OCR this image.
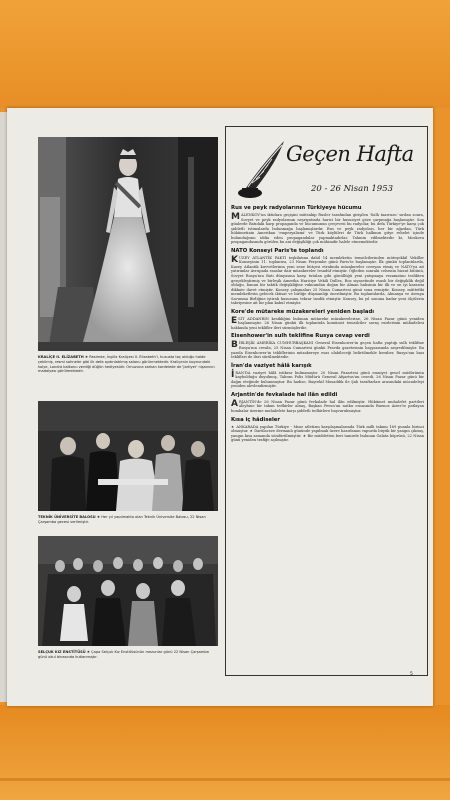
KRALİÇE II. ELİZABETH ★ Resimde, İngiliz Kraliçesi II. Elizabeth'i, hususta taç olduğu halde çekilmiş, resmi sahneler gibi ilk defa aydınlatılmış salonu görünmektedir. Kraliçenin boynundaki kolye, Londra balkonu verdiği düğün hediyesidir. Omuzuna sarkan kordelede de 'Jartiyer' nişanının madalyası görülmektedir.
TEKNİK ÜNİVERSİTE BALOSU ★ Her yıl yapılmakta olan Teknik Üniversite Balosu, 22 Nisan Çarşamba gecesi verilmiştir.
SELÇUK KIZ ENSTİTÜSÜ ★ Çapa Selçuk Kız Enstitüsünün mezunlar günü 22 Nisan Çarşamba günü okul binasında kutlanmıştır.
Geçen Hafta
20 - 26 Nisan 1953
Rus ve peyk radyolarının Türkiyeye hücumu
MALENKOV'un iktidara geçişini müteakip Rusler tarafından girişilen 'Sulh taarruzu' sırdan sonra, Sovyet ve peyk radyolarının neşriyatında harici bir hususiyet göze çarpmağa başlamıştır. Son günlerde Batıdaki harp propaganda ve hücumunun çerçevesi bu radyolar, bu defa Türkiye'ye karşı çok şiddetli istimalarda bulunmağa başlamışlardır. Rus ve peyk radyoları, her bir ağızdan, Türk hükümetinin Amerikan 'emperyalizmi' ve Türk köylüleri de Türk halkının gitye rebelet içinde bulunduğunu iddia eden propagandalar yapmaktadırlar. Tahmin edilmektedir ki, Moskova propagandasında görülen bu ani değişikliği çok mühimdir halele etmemektedir.
NATO Konseyi Paris'te toplandı
KUZEY ATLANTİK PAKTI teşkilatına dahil 14 memleketin temsilcilerinden müteşekkil Vekiller Konseyinin 11. toplantısı, 23 Nisan Perşembe günü Paris'te başlamıştır. İlk günkü toplantılarda, Kuzey Atlantik kuvvetlerinin yeni sene bütçesi etrafında müzakereler cereyan etmiş ve NATO'ya ait yatırımlar Avrupada esaslar dair müzakereler tesadüf etmiştir. Öğleden sonraki celsenin bizzat bütünü, Sovyet Rusya'nın Batı dünyasına karşı tutulan gibi gönüllüğü yeni yatışmaya vezamatını teslikten gerçekleştirmiş ve birleşik Amerika Hariciye Vekili Dulles, Rus siyasetinde esaslı bir değişiklik değil olduğu, bunun bir taktik değişikliğine vukuundan doğan bir Alman bahsinin bir ilk ve en iyi kararını dikkate davet etmiştir. Konsey çalışmaları 25 Nisan Cumartesi günü sona ermiştir. Konsey, müttefiki memleketlerin gelecek iktisat ve birliğe düşmanlığı önerilmiştir. Bu toplantılarda, Almanya ve Avrupa Savunma Birliğine iştirak hususunu tekrar tasdik etmiştir. Konsey, bu yıl sonuna kadar yeni ölçülerin takviyesine ait bir plan kabul etmiştir.
Kore'de mütareke müzakereleri yeniden başladı
ESİT ADDANRIN kesikliğini bulunan mütareke müzakerelerine, 26 Nisan Pazar günü yeniden başlanmıştır. 26 Nisan günkü ilk toplantıda komünist temsilciler savaş esirlerinin mübadelesi hakkında yeni teklifler ileri sürmüşlerdir.
Eisenhower'in sulh teklifine Rusya cevap verdi
BİRLEŞİK AMERİKA CUMHURBAŞKANI General Eisenhower'in geçen hafta yaptığı sulh teklifine Rusya'nın cevabı, 25 Nisan Cumartesi günkü Pravda gazetesinin başyazısında neşredilmiştir. Bu yazıda Eisenhower'in tekliflerinin müzakereye esas olabileceği belirtilmekle beraber, Rusya'nın bazı teklifleri de ileri sürülmektedir.
İran'da vaziyet hâlâ karışık
İRAN'DA vaziyet hâlâ istikrar bulmamıştır. 20 Nisan Pazartesi günü emniyet genel müdürünün kaybolduğu duyulmuş, Tahran Polis Müdürü General Afşartus'un cesedi, 26 Nisan Pazar günü bir dağın eteğinde bulunmuştur. Bu hadise, Başvekil Musaddık ile Şah taraftarları arasındaki mücadeleyi yeniden alevlendirmiştir.
Arjantin'de fevkalade hal ilân edildi
ARJANTİN'de 26 Nisan Pazar günü fevkalade hal ilân edilmiştir. Hükümet muhalefet partileri aleyhine bir takım tedbirler almış, Başkan Peron'un nutku esnasında Buenos Aires'te patlayan bombalar üzerine muhalefete karşı şiddetli tedbirlere başvurulmuştur.
Kısa iç hâdiseler
★ ANKARADA yapılan Türkiye - Mısır atletizm karşılaşmalarında Türk milli takımı 169 puanla birinci olmuştur. ★ Darülaceze dermanlı gününde yapılmak üzere hazırlanan vapurda büyük bir yangın çıkmış, yangın kısa zamanda söndürülmüştür. ★ Bir müddetten beri tamirde bulunan Galata köprüsü, 22 Nisan günü yeniden trafiğe açılmıştır.
5
